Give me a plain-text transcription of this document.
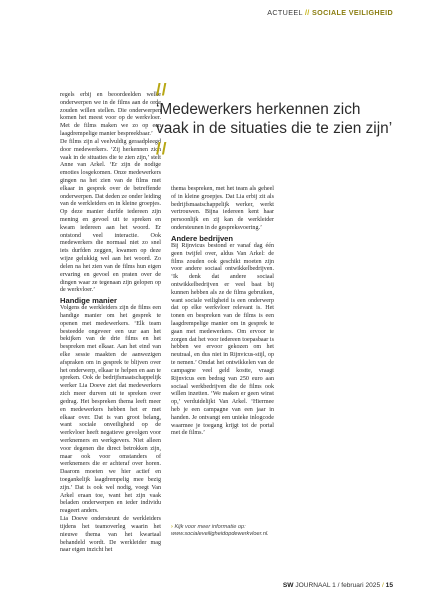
ACTUEEL // SOCIALE VEILIGHEID

regels erbij en beoordeelden welke onderwerpen we in de films aan de orde zouden willen stellen. Die onderwerpen komen het meest voor op de werkvloer. Met de films maken we zo op een laagdrempelige manier bespreekbaar.’

De films zijn al veelvuldig geraadpleegd door medewerkers. ‘Zij herkennen zich vaak in de situaties die te zien zijn,’ stelt Anne van Arkel. ‘Er zijn de nodige emoties losgekomen. Onze medewerkers gingen na het zien van de films met elkaar in gesprek over de betreffende onderwerpen. Dat deden ze onder leiding van de werkleiders en in kleine groepjes. Op deze manier durfde iedereen zijn mening en gevoel uit te spreken en kwam iedereen aan het woord. Er ontstond veel interactie. Ook medewerkers die normaal niet zo snel iets durfden zeggen, kwamen op deze wijze gelukkig wel aan het woord. Zo delen na het zien van de films hun eigen ervaring en gevoel en praten over de dingen waar ze tegenaan zijn gelopen op de werkvloer.’

Handige manier

Volgens de werkleiders zijn de films een handige manier om het gesprek te openen met medewerkers. ‘Elk team besteedde ongeveer een uur aan het bekijken van de drie films en het bespreken met elkaar. Aan het eind van elke sessie maakten de aanwezigen afspraken om in gesprek te blijven over het onderwerp, elkaar te helpen en aan te spreken. Ook de bedrijfsmaatschappelijk werker Lia Doeve ziet dat medewerkers zich meer durven uit te spreken over gedrag. Het bespreken thema leeft meer en medewerkers hebben het er met elkaar over. Dat is van groot belang, want sociale onveiligheid op de werkvloer heeft negatieve gevolgen voor werknemers en werkgevers. Niet alleen voor degenen die direct betrokken zijn, maar ook voor omstanders of werknemers die er achteraf over horen. Daarom moeten we hier actief en toegankelijk laagdrempelig mee bezig zijn.’ Dat is ook wel nodig, voegt Van Arkel eraan toe, want het zijn vaak beladen onderwerpen en ieder individu reageert anders.

Lia Doeve ondersteunt de werkleiders tijdens het teamoverleg waarin het nieuwe thema van het kwartaal behandeld wordt. De werkleider mag naar eigen inzicht het

//
‘Medewerkers herkennen zich vaak in de situaties die te zien zijn’
//

thema bespreken, met het team als geheel of in kleine groepjes. Dat Lia erbij zit als bedrijfsmaatschappelijk werker, werkt vertrouwen. Bijna iedereen kent haar persoonlijk en zij kan de werkleider ondersteunen in de gespreksvoering.’

Andere bedrijven

Bij Rijnvicus bestond er vanaf dag één geen twijfel over, aldus Van Arkel: de films zouden ook geschikt moeten zijn voor andere sociaal ontwikkelbedrijven. ‘Ik denk dat andere sociaal ontwikkelbedrijven er veel baat bij kunnen hebben als ze de films gebruiken, want sociale veiligheid is een onderwerp dat op elke werkvloer relevant is. Het tonen en bespreken van de films is een laagdrempelige manier om in gesprek te gaan met medewerkers. Om ervoor te zorgen dat het voor iedereen toepasbaar is hebben we ervoor gekozen om het neutraal, en dus niet in Rijnvicus-stijl, op te nemen.’ Omdat het ontwikkelen van de campagne veel geld kostte, vraagt Rijnvicus een bedrag van 250 euro aan sociaal werkbedrijven die de films ook willen inzetten. ‘We maken er geen winst op,’ verduidelijkt Van Arkel. ‘Hiermee heb je een campagne van een jaar in handen. Je ontvangt een unieke inlogcode waarmee je toegang krijgt tot de portal met de films.’

› Kijk voor meer informatie op:
www.socialeveiligheidopdewerkvloer.nl.
SW JOURNAAL 1 / februari 2025 / 15
